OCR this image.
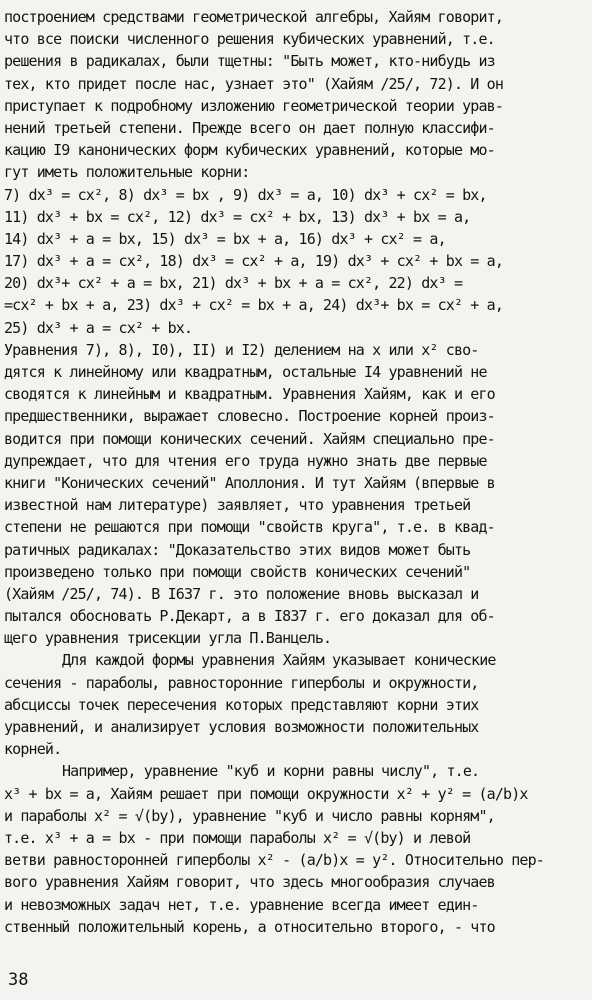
построением средствами геометрической алгебры, Хайям говорит,
что все поиски численного решения кубических уравнений, т.е.
решения в радикалах, были тщетны: "Быть может, кто-нибудь из
тех, кто придет после нас, узнает это" (Хайям /25/, 72). И он
приступает к подробному изложению геометрической теории урав-
нений третьей степени. Прежде всего он дает полную классифи-
кацию I9 канонических форм кубических уравнений, которые мо-
гут иметь положительные корни:
7) dx³ = cx², 8) dx³ = bx , 9) dx³ = a, 10) dx³ + cx² = bx,
11) dx³ + bx = cx², 12) dx³ = cx² + bx, 13) dx³ + bx = a,
14) dx³ + a = bx, 15) dx³ = bx + a, 16) dx³ + cx² = a,
17) dx³ + a = cx², 18) dx³ = cx² + a, 19) dx³ + cx² + bx = a,
20) dx³+ cx² + a = bx, 21) dx³ + bx + a = cx², 22) dx³ =
=cx² + bx + a, 23) dx³ + cx² = bx + a, 24) dx³+ bx = cx² + a,
25) dx³ + a = cx² + bx.
Уравнения 7), 8), I0), II) и I2) делением на x или x² сво-
дятся к линейному или квадратным, остальные I4 уравнений не
сводятся к линейным и квадратным. Уравнения Хайям, как и его
предшественники, выражает словесно. Построение корней произ-
водится при помощи конических сечений. Хайям специально пре-
дупреждает, что для чтения его труда нужно знать две первые
книги "Конических сечений" Аполлония. И тут Хайям (впервые в
известной нам литературе) заявляет, что уравнения третьей
степени не решаются при помощи "свойств круга", т.е. в квад-
ратичных радикалах: "Доказательство этих видов может быть
произведено только при помощи свойств конических сечений"
(Хайям /25/, 74). В I637 г. это положение вновь высказал и
пытался обосновать Р.Декарт, а в I837 г. его доказал для об-
щего уравнения трисекции угла П.Ванцель.
Для каждой формы уравнения Хайям указывает конические
сечения - параболы, равносторонние гиперболы и окружности,
абсциссы точек пересечения которых представляют корни этих
уравнений, и анализирует условия возможности положительных
корней.
Например, уравнение "куб и корни равны числу", т.е.
x³ + bx = a, Хайям решает при помощи окружности x² + y² = (a/b)x
и параболы x² = √(by), уравнение "куб и число равны корням",
т.е. x³ + a = bx - при помощи параболы x² = √(by) и левой
ветви равносторонней гиперболы x² - (a/b)x = y². Относительно пер-
вого уравнения Хайям говорит, что здесь многообразия случаев
и невозможных задач нет, т.е. уравнение всегда имеет един-
ственный положительный корень, а относительно второго, - что
38
